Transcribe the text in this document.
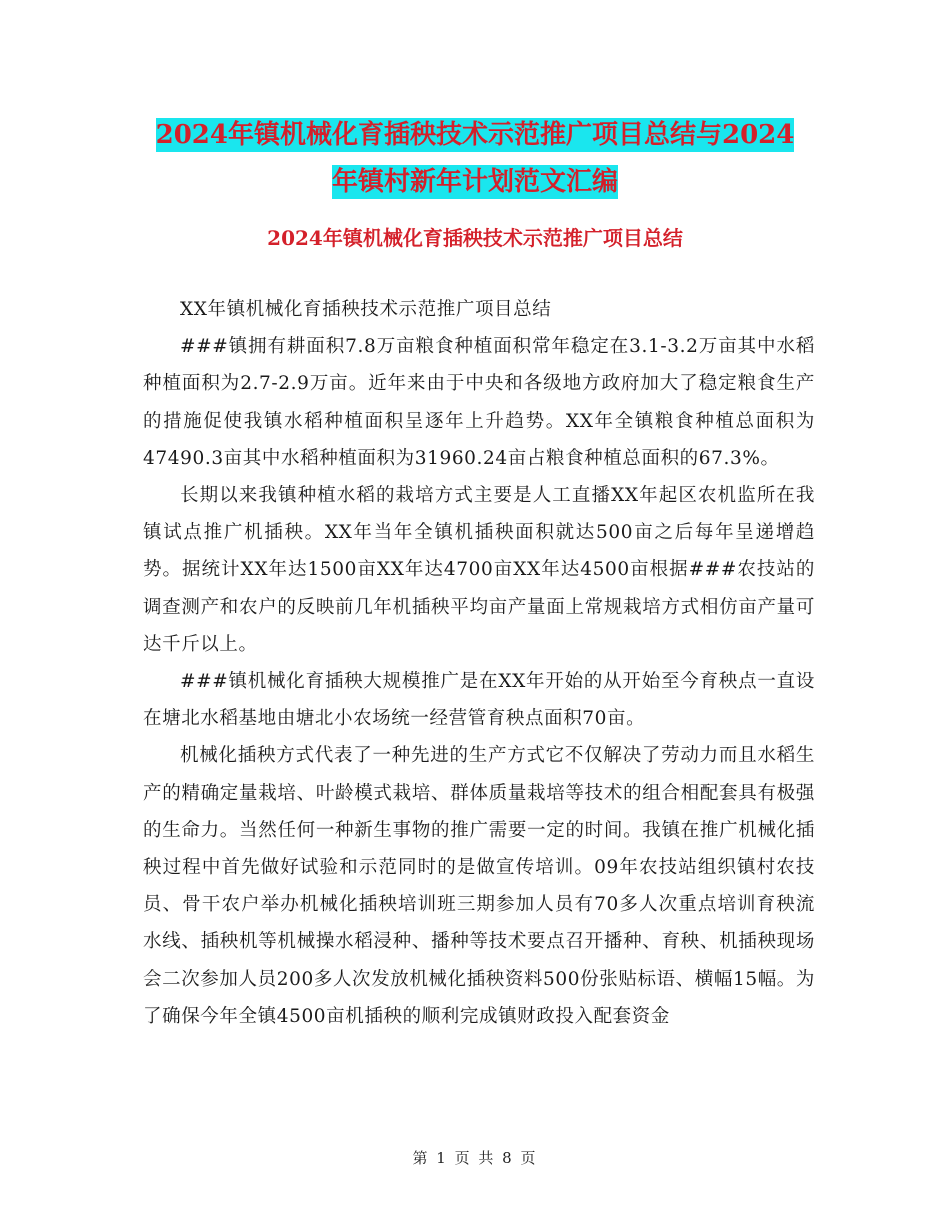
2024年镇机械化育插秧技术示范推广项目总结与2024
年镇村新年计划范文汇编
2024年镇机械化育插秧技术示范推广项目总结

XX年镇机械化育插秧技术示范推广项目总结

###镇拥有耕面积7.8万亩粮食种植面积常年稳定在3.1-3.2万亩其中水稻种植面积为2.7-2.9万亩。近年来由于中央和各级地方政府加大了稳定粮食生产的措施促使我镇水稻种植面积呈逐年上升趋势。XX年全镇粮食种植总面积为47490.3亩其中水稻种植面积为31960.24亩占粮食种植总面积的67.3%。

长期以来我镇种植水稻的栽培方式主要是人工直播XX年起区农机监所在我镇试点推广机插秧。XX年当年全镇机插秧面积就达500亩之后每年呈递增趋势。据统计XX年达1500亩XX年达4700亩XX年达4500亩根据###农技站的调查测产和农户的反映前几年机插秧平均亩产量面上常规栽培方式相仿亩产量可达千斤以上。

###镇机械化育插秧大规模推广是在XX年开始的从开始至今育秧点一直设在塘北水稻基地由塘北小农场统一经营管育秧点面积70亩。

机械化插秧方式代表了一种先进的生产方式它不仅解决了劳动力而且水稻生产的精确定量栽培、叶龄模式栽培、群体质量栽培等技术的组合相配套具有极强的生命力。当然任何一种新生事物的推广需要一定的时间。我镇在推广机械化插秧过程中首先做好试验和示范同时的是做宣传培训。09年农技站组织镇村农技员、骨干农户举办机械化插秧培训班三期参加人员有70多人次重点培训育秧流水线、插秧机等机械操水稻浸种、播种等技术要点召开播种、育秧、机插秧现场会二次参加人员200多人次发放机械化插秧资料500份张贴标语、横幅15幅。为了确保今年全镇4500亩机插秧的顺利完成镇财政投入配套资金

第 1 页 共 8 页
